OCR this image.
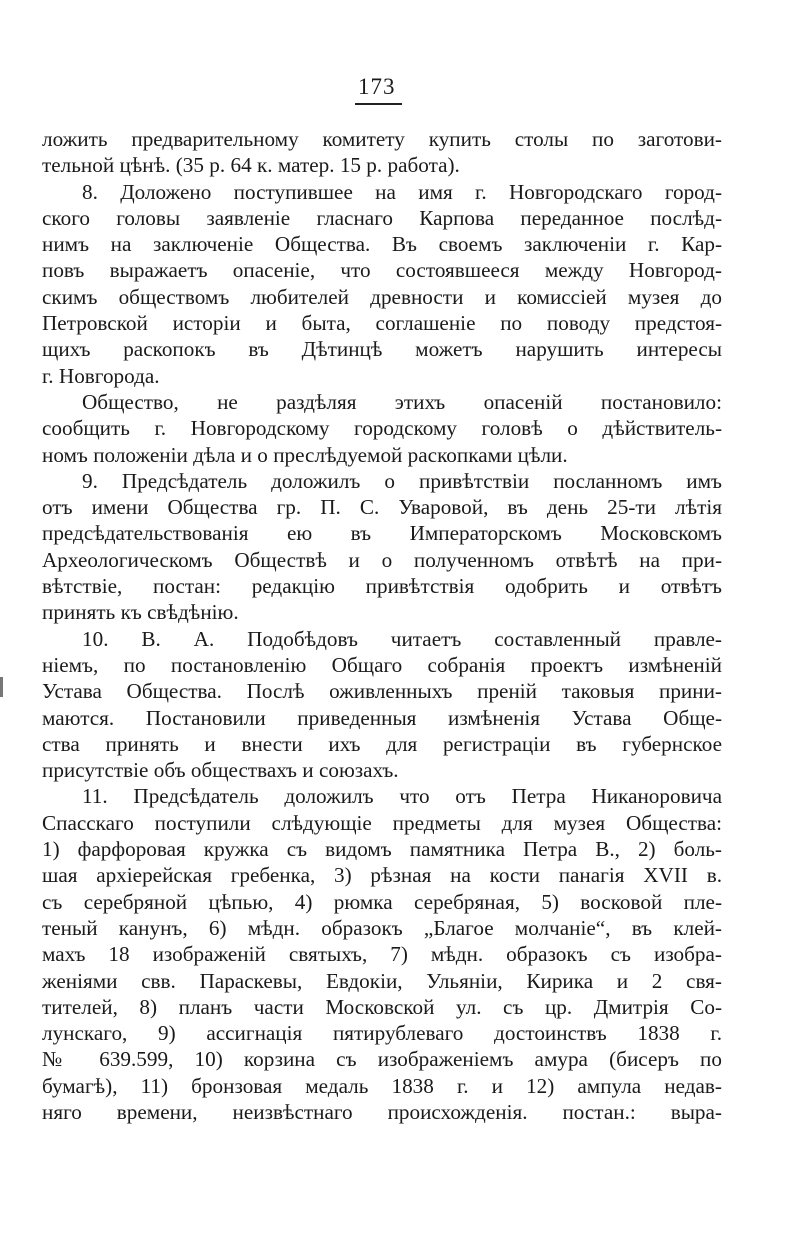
173

ложить предварительному комитету купить столы по заготови-

тельной цѣнѣ. (35 р. 64 к. матер. 15 р. работа).

8. Доложено поступившее на имя г. Новгородскаго город-

ского головы заявленіе гласнаго Карпова переданное послѣд-

нимъ на заключеніе Общества. Въ своемъ заключеніи г. Кар-

повъ выражаетъ опасеніе, что состоявшееся между Новгород-

скимъ обществомъ любителей древности и комиссіей музея до

Петровской исторіи и быта, соглашеніе по поводу предстоя-

щихъ раскопокъ въ Дѣтинцѣ можетъ нарушить интересы

г. Новгорода.

Общество, не раздѣляя этихъ опасеній постановило:

сообщить г. Новгородскому городскому головѣ о дѣйствитель-

номъ положеніи дѣла и о преслѣдуемой раскопками цѣли.

9. Предсѣдатель доложилъ о привѣтствіи посланномъ имъ

отъ имени Общества гр. П. С. Уваровой, въ день 25-ти лѣтія

предсѣдательствованія ею въ Императорскомъ Московскомъ

Археологическомъ Обществѣ и о полученномъ отвѣтѣ на при-

вѣтствіе, постан: редакцію привѣтствія одобрить и отвѣтъ

принять къ свѣдѣнію.

10. В. А. Подобѣдовъ читаетъ составленный правле-

ніемъ, по постановленію Общаго собранія проектъ измѣненій

Устава Общества. Послѣ оживленныхъ преній таковыя прини-

маются. Постановили приведенныя измѣненія Устава Обще-

ства принять и внести ихъ для регистраціи въ губернское

присутствіе объ обществахъ и союзахъ.

11. Предсѣдатель доложилъ что отъ Петра Никаноровича

Спасскаго поступили слѣдующіе предметы для музея Общества:

1) фарфоровая кружка съ видомъ памятника Петра В., 2) боль-

шая архіерейская гребенка, 3) рѣзная на кости панагія XVII в.

съ серебряной цѣпью, 4) рюмка серебряная, 5) восковой пле-

теный канунъ, 6) мѣдн. образокъ „Благое молчаніе“, въ клей-

махъ 18 изображеній святыхъ, 7) мѣдн. образокъ съ изобра-

женіями свв. Параскевы, Евдокіи, Ульяніи, Кирика и 2 свя-

тителей, 8) планъ части Московской ул. съ цр. Дмитрія Со-

лунскаго, 9) ассигнація пятирублеваго достоинствъ 1838 г.

№ 639.599, 10) корзина съ изображеніемъ амура (бисеръ по

бумагѣ), 11) бронзовая медаль 1838 г. и 12) ампула недав-

няго времени, неизвѣстнаго происхожденія. постан.: выра-
